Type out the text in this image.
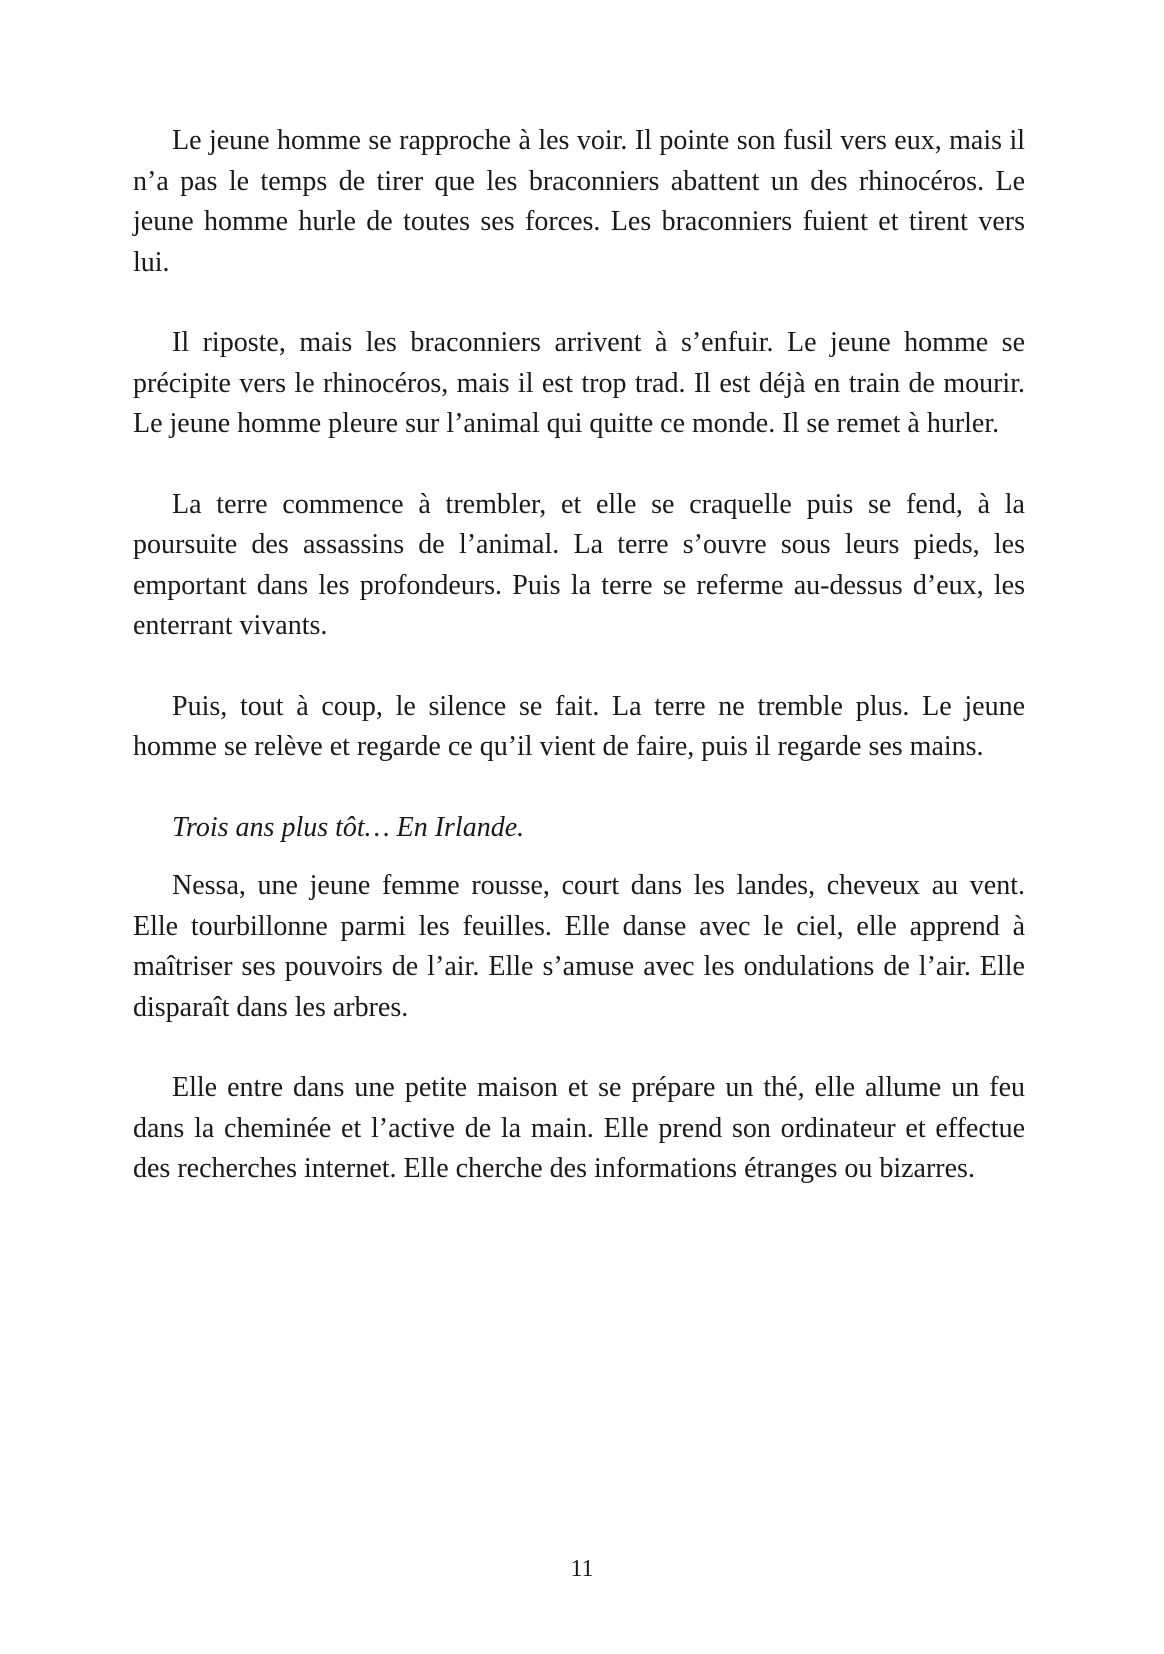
Le jeune homme se rapproche à les voir. Il pointe son fusil vers eux, mais il n’a pas le temps de tirer que les braconniers abattent un des rhinocéros. Le jeune homme hurle de toutes ses forces. Les braconniers fuient et tirent vers lui.

Il riposte, mais les braconniers arrivent à s’enfuir. Le jeune homme se précipite vers le rhinocéros, mais il est trop trad. Il est déjà en train de mourir. Le jeune homme pleure sur l’animal qui quitte ce monde. Il se remet à hurler.

La terre commence à trembler, et elle se craquelle puis se fend, à la poursuite des assassins de l’animal. La terre s’ouvre sous leurs pieds, les emportant dans les profondeurs. Puis la terre se referme au-dessus d’eux, les enterrant vivants.

Puis, tout à coup, le silence se fait. La terre ne tremble plus. Le jeune homme se relève et regarde ce qu’il vient de faire, puis il regarde ses mains.

Trois ans plus tôt… En Irlande.

Nessa, une jeune femme rousse, court dans les landes, cheveux au vent. Elle tourbillonne parmi les feuilles. Elle danse avec le ciel, elle apprend à maîtriser ses pouvoirs de l’air. Elle s’amuse avec les ondulations de l’air. Elle disparaît dans les arbres.

Elle entre dans une petite maison et se prépare un thé, elle allume un feu dans la cheminée et l’active de la main. Elle prend son ordinateur et effectue des recherches internet. Elle cherche des informations étranges ou bizarres.

11
